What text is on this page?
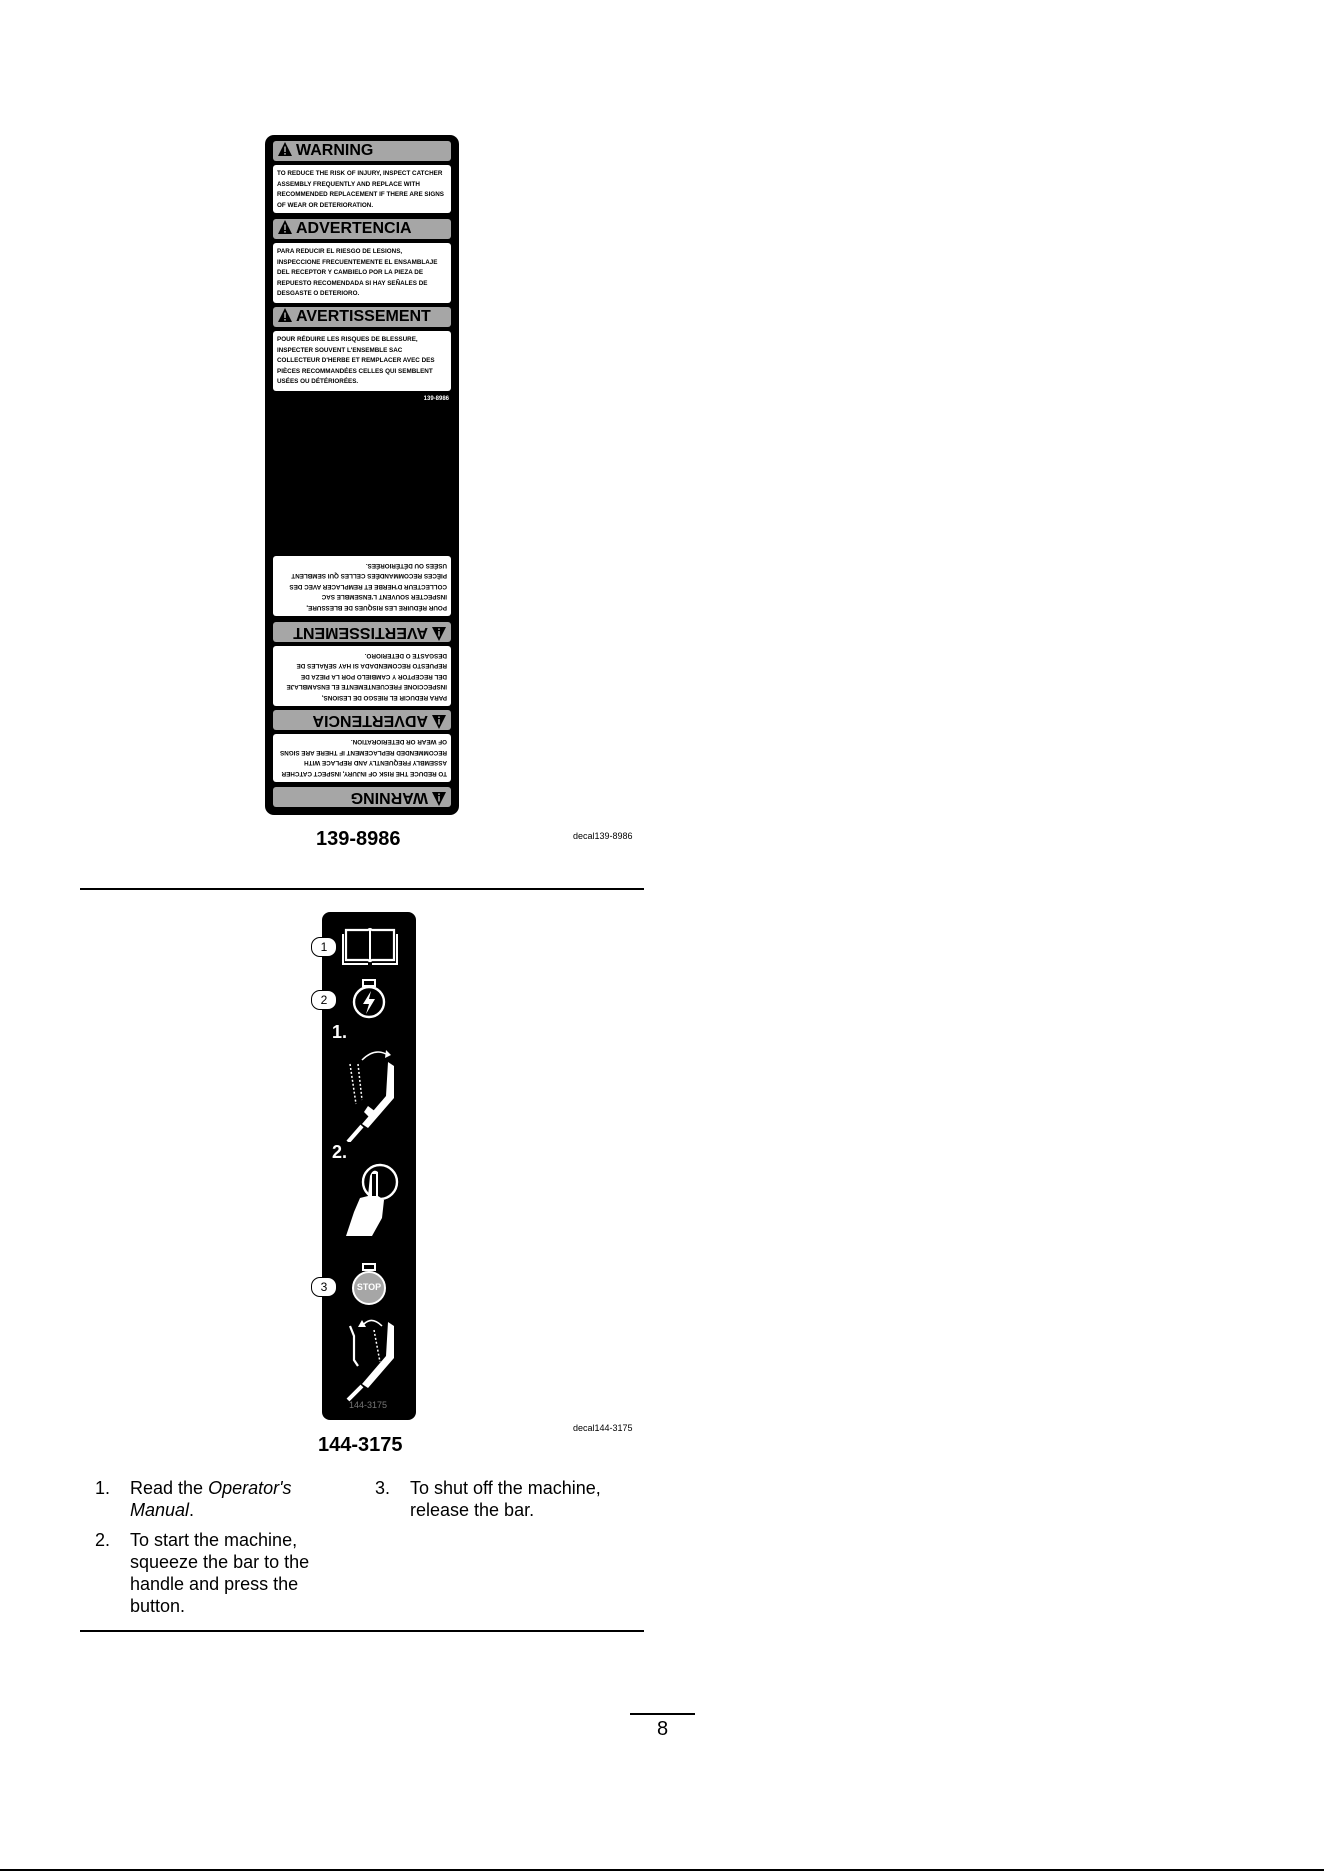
WARNING
TO REDUCE THE RISK OF INJURY, INSPECT CATCHER ASSEMBLY FREQUENTLY AND REPLACE WITH RECOMMENDED REPLACEMENT IF THERE ARE SIGNS OF WEAR OR DETERIORATION.
ADVERTENCIA
PARA REDUCIR EL RIESGO DE LESIONS, INSPECCIONE FRECUENTEMENTE EL ENSAMBLAJE DEL RECEPTOR Y CAMBIELO POR LA PIEZA DE REPUESTO RECOMENDADA SI HAY SEÑALES DE DESGASTE O DETERIORO.
AVERTISSEMENT
POUR RÉDUIRE LES RISQUES DE BLESSURE, INSPECTER SOUVENT L'ENSEMBLE SAC COLLECTEUR D'HERBE ET REMPLACER AVEC DES PIÈCES RECOMMANDÉES CELLES QUI SEMBLENT USÉES OU DÉTÉRIORÉES.
139-8986
POUR RÉDUIRE LES RISQUES DE BLESSURE, INSPECTER SOUVENT L'ENSEMBLE SAC COLLECTEUR D'HERBE ET REMPLACER AVEC DES PIÈCES RECOMMANDÉES CELLES QUI SEMBLENT USÉES OU DÉTÉRIORÉES.
AVERTISSEMENT
PARA REDUCIR EL RIESGO DE LESIONS, INSPECCIONE FRECUENTEMENTE EL ENSAMBLAJE DEL RECEPTOR Y CAMBIELO POR LA PIEZA DE REPUESTO RECOMENDADA SI HAY SEÑALES DE DESGASTE O DETERIORO.
ADVERTENCIA
TO REDUCE THE RISK OF INJURY, INSPECT CATCHER ASSEMBLY FREQUENTLY AND REPLACE WITH RECOMMENDED REPLACEMENT IF THERE ARE SIGNS OF WEAR OR DETERIORATION.
WARNING
139-8986	decal139-8986
1.
2.
STOP
144-3175
1
2
3
144-3175
decal144-3175
1. Read the Operator's
Manual.
2. To start the machine,
squeeze the bar to the
handle and press the
button.
3. To shut off the machine,
release the bar.
8
